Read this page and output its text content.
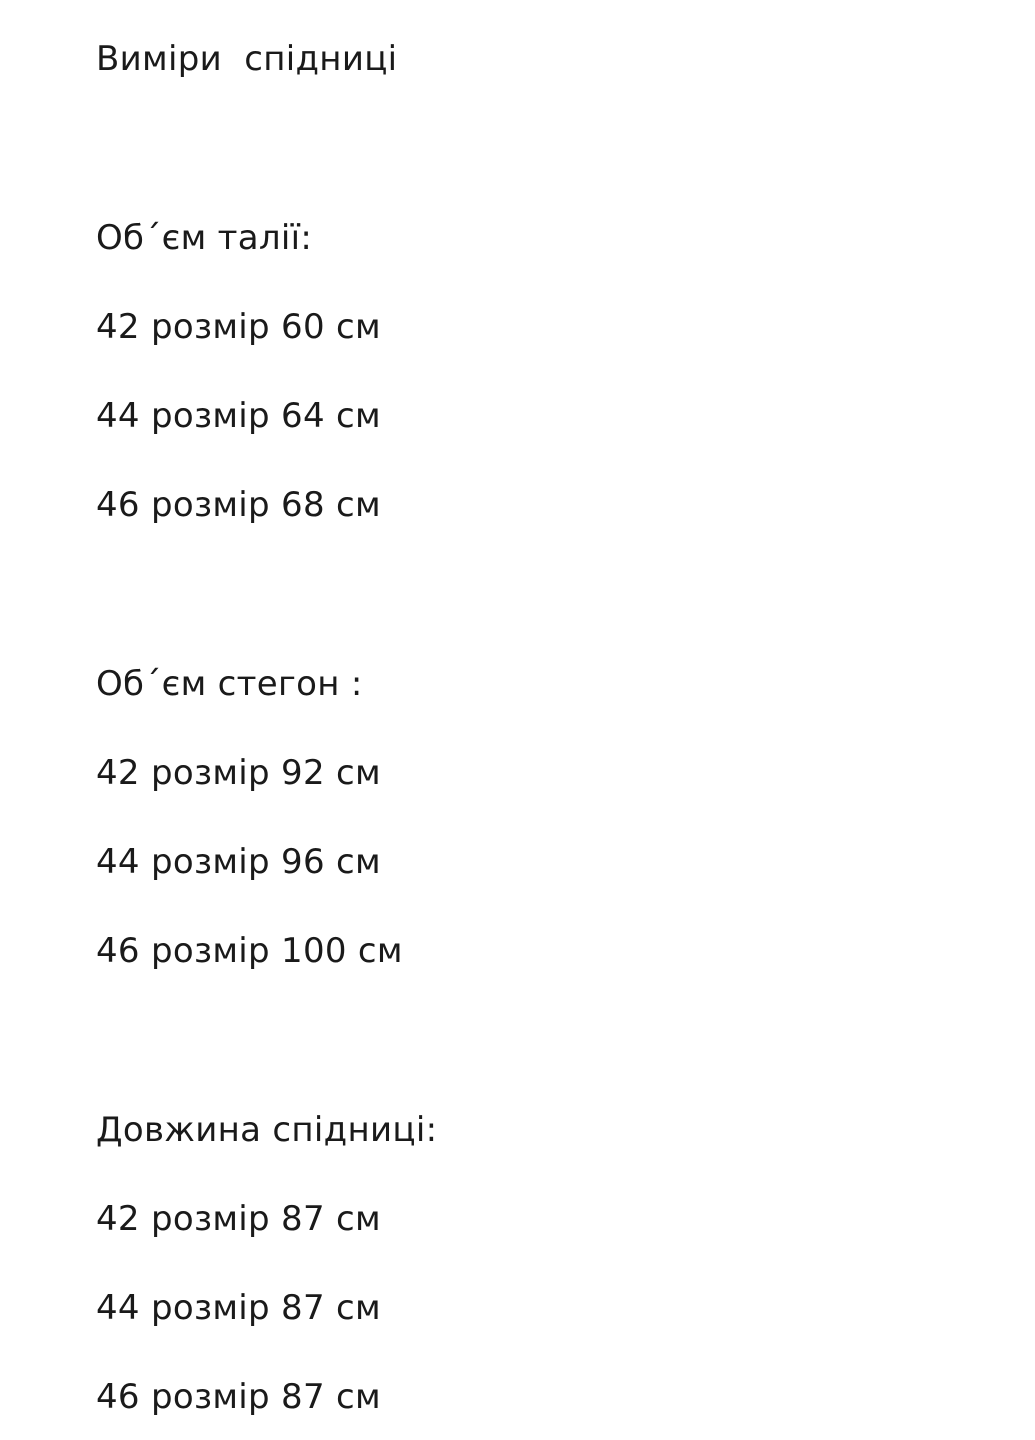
Виміри  спідниці
Об΄єм талії:
42 розмір 60 см
44 розмір 64 см
46 розмір 68 см
Об΄єм стегон :
42 розмір 92 см
44 розмір 96 см
46 розмір 100 см
Довжина спідниці:
42 розмір 87 см
44 розмір 87 см
46 розмір 87 см
